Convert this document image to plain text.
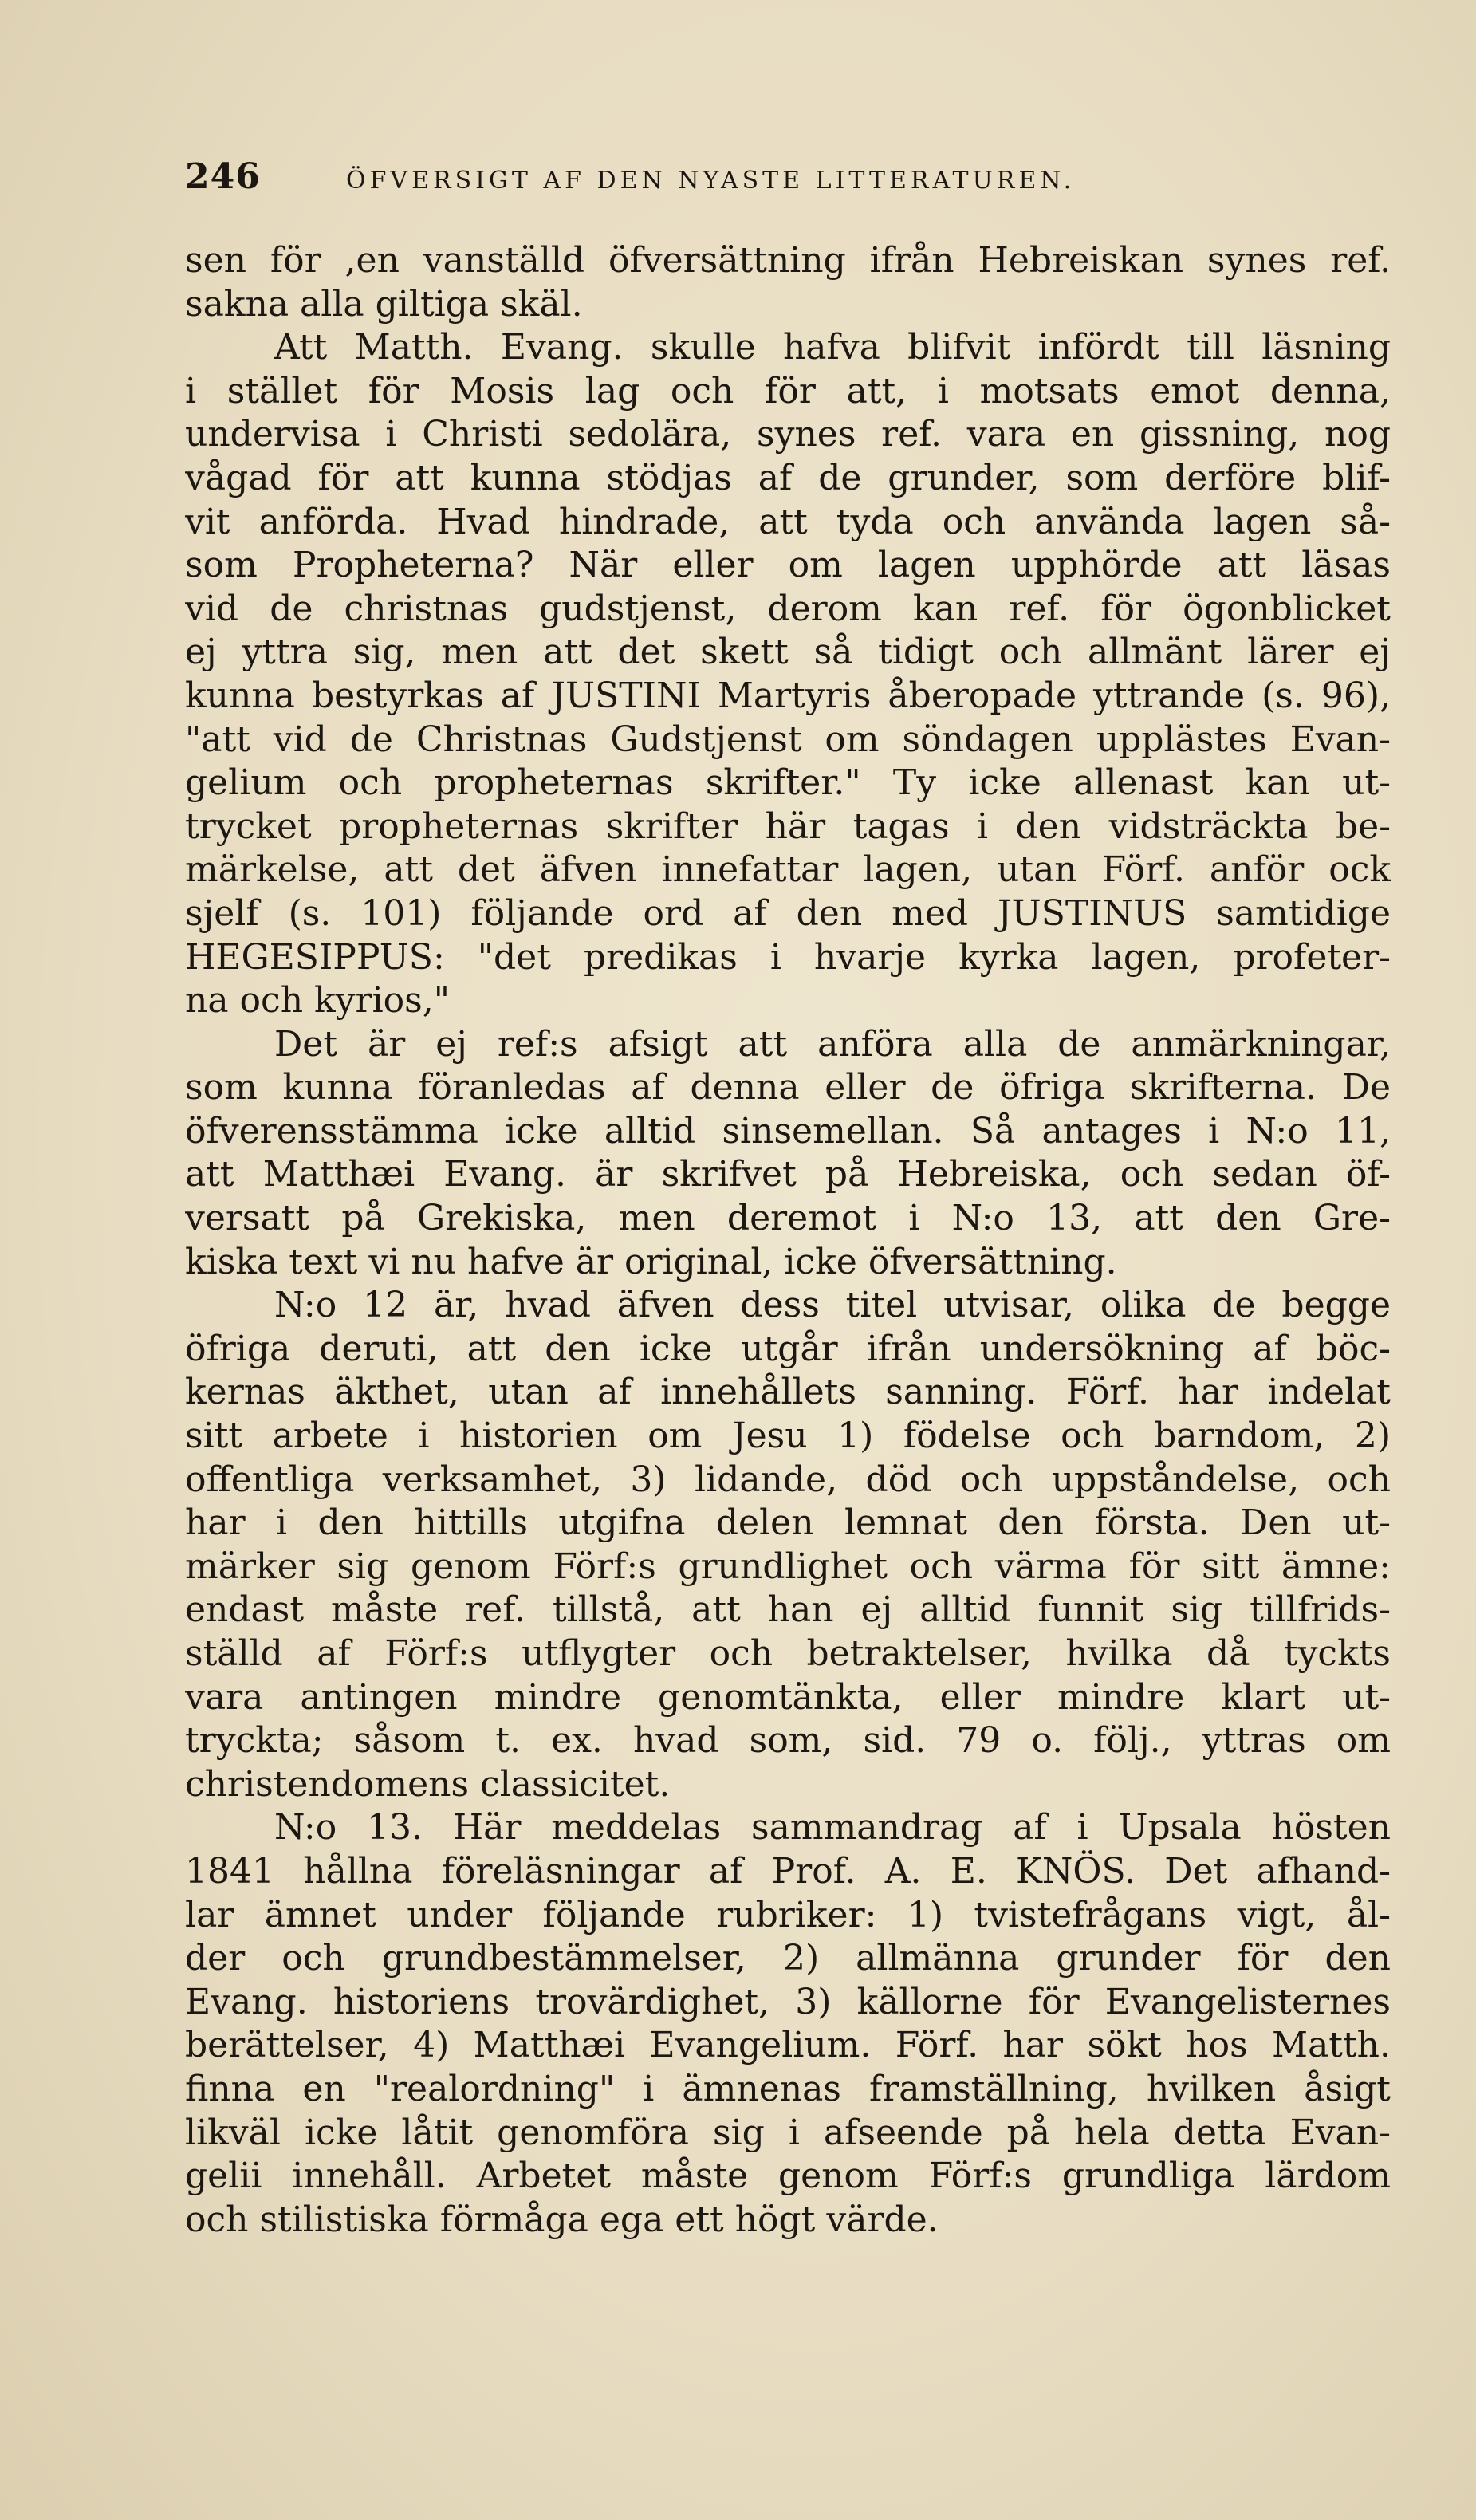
246	ÖFVERSIGT AF DEN NYASTE LITTERATUREN.
sen för ,en vanställd öfversättning ifrån Hebreiskan synes ref.
sakna alla giltiga skäl.
Att Matth. Evang. skulle hafva blifvit infördt till läsning
i stället för Mosis lag och för att, i motsats emot denna,
undervisa i Christi sedolära, synes ref. vara en gissning, nog
vågad för att kunna stödjas af de grunder, som derföre blif-
vit anförda. Hvad hindrade, att tyda och använda lagen så-
som Propheterna? När eller om lagen upphörde att läsas
vid de christnas gudstjenst, derom kan ref. för ögonblicket
ej yttra sig, men att det skett så tidigt och allmänt lärer ej
kunna bestyrkas af JUSTINI Martyris åberopade yttrande (s. 96),
"att vid de Christnas Gudstjenst om söndagen upplästes Evan-
gelium och propheternas skrifter." Ty icke allenast kan ut-
trycket propheternas skrifter här tagas i den vidsträckta be-
märkelse, att det äfven innefattar lagen, utan Förf. anför ock
sjelf (s. 101) följande ord af den med JUSTINUS samtidige
HEGESIPPUS: "det predikas i hvarje kyrka lagen, profeter-
na och kyrios,"
Det är ej ref:s afsigt att anföra alla de anmärkningar,
som kunna föranledas af denna eller de öfriga skrifterna. De
öfverensstämma icke alltid sinsemellan. Så antages i N:o 11,
att Matthæi Evang. är skrifvet på Hebreiska, och sedan öf-
versatt på Grekiska, men deremot i N:o 13, att den Gre-
kiska text vi nu hafve är original, icke öfversättning.
N:o 12 är, hvad äfven dess titel utvisar, olika de begge
öfriga deruti, att den icke utgår ifrån undersökning af böc-
kernas äkthet, utan af innehållets sanning. Förf. har indelat
sitt arbete i historien om Jesu 1) födelse och barndom, 2)
offentliga verksamhet, 3) lidande, död och uppståndelse, och
har i den hittills utgifna delen lemnat den första. Den ut-
märker sig genom Förf:s grundlighet och värma för sitt ämne:
endast måste ref. tillstå, att han ej alltid funnit sig tillfrids-
ställd af Förf:s utflygter och betraktelser, hvilka då tyckts
vara antingen mindre genomtänkta, eller mindre klart ut-
tryckta; såsom t. ex. hvad som, sid. 79 o. följ., yttras om
christendomens classicitet.
N:o 13. Här meddelas sammandrag af i Upsala hösten
1841 hållna föreläsningar af Prof. A. E. KNÖS. Det afhand-
lar ämnet under följande rubriker: 1) tvistefrågans vigt, ål-
der och grundbestämmelser, 2) allmänna grunder för den
Evang. historiens trovärdighet, 3) källorne för Evangelisternes
berättelser, 4) Matthæi Evangelium. Förf. har sökt hos Matth.
finna en "realordning" i ämnenas framställning, hvilken åsigt
likväl icke låtit genomföra sig i afseende på hela detta Evan-
gelii innehåll. Arbetet måste genom Förf:s grundliga lärdom
och stilistiska förmåga ega ett högt värde.
